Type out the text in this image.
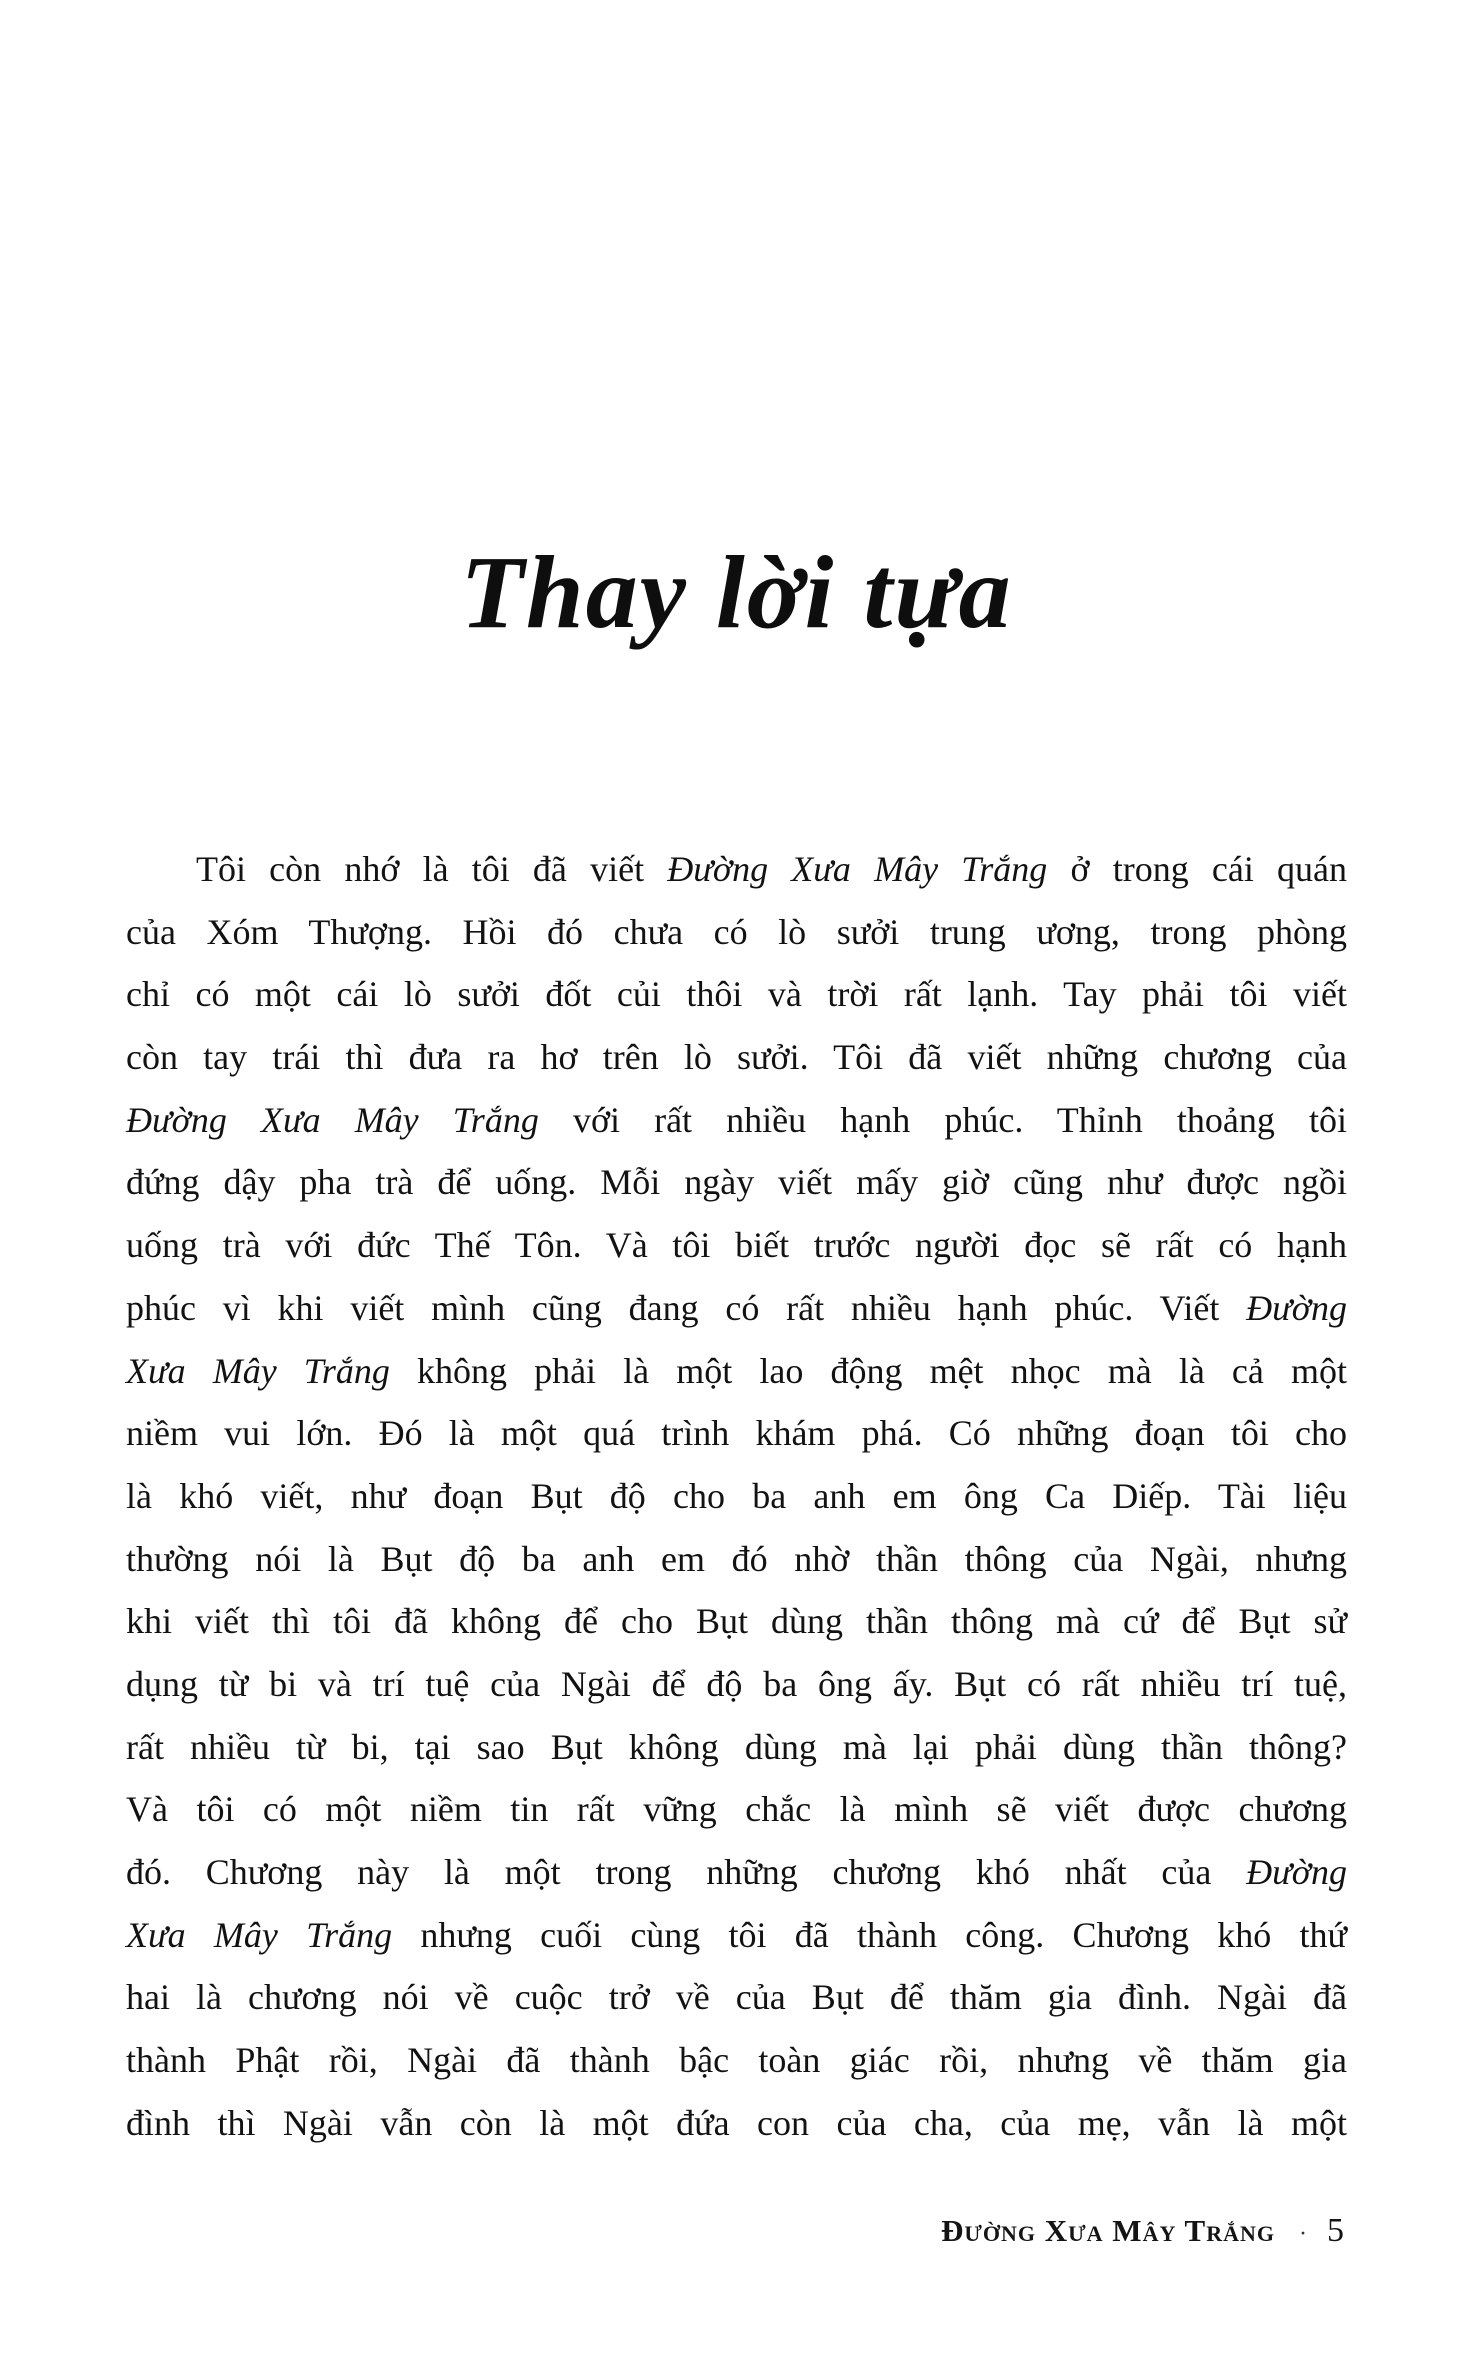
Thay lời tựa
Tôi còn nhớ là tôi đã viết Đường Xưa Mây Trắng ở trong cái quán
của Xóm Thượng. Hồi đó chưa có lò sưởi trung ương, trong phòng
chỉ có một cái lò sưởi đốt củi thôi và trời rất lạnh. Tay phải tôi viết
còn tay trái thì đưa ra hơ trên lò sưởi. Tôi đã viết những chương của
Đường Xưa Mây Trắng với rất nhiều hạnh phúc. Thỉnh thoảng tôi
đứng dậy pha trà để uống. Mỗi ngày viết mấy giờ cũng như được ngồi
uống trà với đức Thế Tôn. Và tôi biết trước người đọc sẽ rất có hạnh
phúc vì khi viết mình cũng đang có rất nhiều hạnh phúc. Viết Đường
Xưa Mây Trắng không phải là một lao động mệt nhọc mà là cả một
niềm vui lớn. Đó là một quá trình khám phá. Có những đoạn tôi cho
là khó viết, như đoạn Bụt độ cho ba anh em ông Ca Diếp. Tài liệu
thường nói là Bụt độ ba anh em đó nhờ thần thông của Ngài, nhưng
khi viết thì tôi đã không để cho Bụt dùng thần thông mà cứ để Bụt sử
dụng từ bi và trí tuệ của Ngài để độ ba ông ấy. Bụt có rất nhiều trí tuệ,
rất nhiều từ bi, tại sao Bụt không dùng mà lại phải dùng thần thông?
Và tôi có một niềm tin rất vững chắc là mình sẽ viết được chương
đó. Chương này là một trong những chương khó nhất của Đường
Xưa Mây Trắng nhưng cuối cùng tôi đã thành công. Chương khó thứ
hai là chương nói về cuộc trở về của Bụt để thăm gia đình. Ngài đã
thành Phật rồi, Ngài đã thành bậc toàn giác rồi, nhưng về thăm gia
đình thì Ngài vẫn còn là một đứa con của cha, của mẹ, vẫn là một
Đường Xưa Mây Trắng · 5
